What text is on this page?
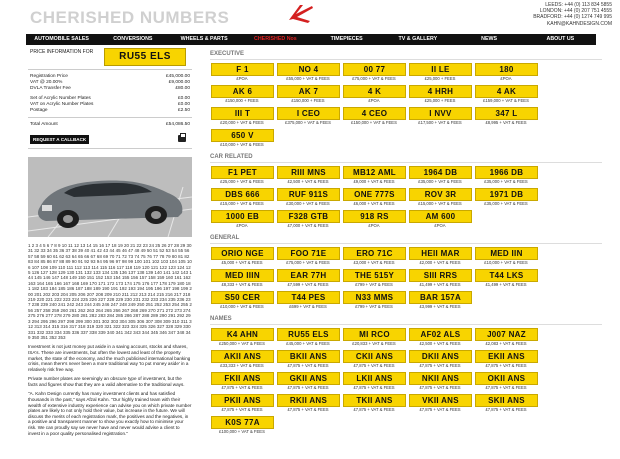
CHERISHED NUMBERS
LEEDS: +44 (0) 113 834 5855
LONDON: +44 (0) 207 751 4555
BRADFORD: +44 (0) 1274 749 995
KAHN@KAHNDESIGN.COM
AUTOMOBILE SALES	CONVERSIONS	WHEELS & PARTS	CHERISHED Nos	TIMEPIECES	TV & GALLERY	NEWS	ABOUT US
PRICE INFORMATION FOR	RU55 ELS
Registration Price	£45,000.00
VAT @ 20.00%	£9,000.00
DVLA Transfer Fee	£80.00
Set of Acrylic Number Plates	£0.00
VAT on Acrylic Number Plates	£0.00
Postage	£2.50
Total Amount	£54,086.50
REQUEST A CALLBACK
1 2 3 4 5 6 7 8 9 10 11 12 13 14 15 16 17 18 19 20 21 22 23 24 25 26 27 28 29 30 31 32 33 34 35 36 37 38 39 40 41 42 43 44 45 46 47 48 49 50 51 52 53 54 55 56 57 58 59 60 61 62 63 64 65 66 67 68 69 70 71 72 73 74 75 76 77 78 79 80 81 82 83 84 85 86 87 88 89 90 91 92 93 94 95 96 97 98 99 100 101 102 103 104 105 106 107 108 109 110 111 112 113 114 115 116 117 118 119 120 121 122 123 124 125 126 127 128 129 130 131 132 133 134 135 136 137 138 139 140 141 142 143 144 145 146 147 148 149 150 151 152 153 154 155 156 157 158 159 160 161 162 163 164 165 166 167 168 169 170 171 172 173 174 175 176 177 178 179 180 181 182 183 184 185 186 187 188 189 190 191 192 193 194 195 196 197 198 199 200 201 202 203 204 205 206 207 208 209 210 211 212 213 214 215 216 217 218 219 220 221 222 223 224 225 226 227 228 229 230 231 232 233 234 235 236 237 238 239 240 241 242 243 244 245 246 247 248 249 250 251 252 253 254 255 256 257 258 259 260 261 262 263 264 265 266 267 268 269 270 271 272 273 274 275 276 277 278 279 280 281 282 283 284 285 286 287 288 289 290 291 292 293 294 295 296 297 298 299 300 301 302 303 304 305 306 307 308 309 310 311 312 313 314 315 316 317 318 319 320 321 322 323 324 325 326 327 328 329 330 331 332 333 334 335 336 337 338 339 340 341 342 343 344 345 346 347 348 349 350 351 352 353
Investment is not just money put aside in a saving account, stocks and shares, ISA's. These are investments, but often the lowest and least of the property market, the state of the economy, and the much publicised international banking crisis, mean there's never been a more traditional way 'to put money aside' in a relatively risk free way.
Private number plates are seemingly an obscure type of investment, but the facts and figures show that they are a valid alternative to the traditional ways.
"A. Kahn Design currently has many investment clients and has satisfied thousands in the past," says Afzal Kahn. "Our highly trained team with their wealth of extensive industry experience can advise you on which private number plates are likely to not only hold their value, but increase in the future. We will discuss the merits of each registration mark, the positives and the negatives, in a positive and transparent manner to show you exactly how to minimise your risk. We can proudly say we never have and never would advise a client to invest in a poor quality personalised registration."
EXECUTIVE
F 1
£POA
NO 4
£55,000 + VAT & FEES
00 77
£75,000 + VAT & FEES
II LE
£25,000 + FEES
180
£POA
AK 6
£150,000 + FEES
AK 7
£150,000 + FEES
4 K
£POA
4 HRH
£25,000 + FEES
4 AK
£159,000 + VAT & FEES
III T
£20,000 + VAT & FEES
I CEO
£375,000 + VAT & FEES
4 CEO
£150,000 + VAT & FEES
I NVV
£17,500 + VAT & FEES
347 L
£8,995 + VAT & FEES
650 V
£10,000 + VAT & FEES
CAR RELATED
F1 PET
£25,000 + VAT & FEES
RIII MNS
£2,500 + VAT & FEES
MB12 AML
£9,000 + VAT & FEES
1964 DB
£35,000 + VAT & FEES
1966 DB
£35,000 + VAT & FEES
DBS 666
£15,000 + VAT & FEES
RUF 911S
£30,000 + VAT & FEES
ONE 777S
£6,000 + VAT & FEES
ROV 3R
£15,000 + VAT & FEES
1971 DB
£35,000 + VAT & FEES
1000 EB
£POA
F328 GTB
£7,000 + VAT & FEES
918 RS
£POA
AM 600
£POA
GENERAL
ORIO NGE
£5,000 + VAT & FEES
FOO 71E
£75,000 + VAT & FEES
ERO 71C
£3,000 + VAT & FEES
HEII MAR
£2,000 + VAT & FEES
MED IIN
£10,000 + VAT & FEES
MED IIIN
£8,333 + VAT & FEES
EAR 77H
£7,599 + VAT & FEES
THE 515Y
£799 + VAT & FEES
SIII RRS
£1,499 + VAT & FEES
T44 LKS
£1,499 + VAT & FEES
S50 CER
£10,000 + VAT & FEES
T44 PES
£699 + VAT & FEES
N33 MMS
£799 + VAT & FEES
BAR 157A
£3,999 + VAT & FEES
NAMES
K4 AHN
£250,000 + VAT & FEES
RU55 ELS
£45,000 + VAT & FEES
MI RCO
£20,833 + VAT & FEES
AF02 ALS
£2,500 + VAT & FEES
J007 NAZ
£2,083 + VAT & FEES
AKII ANS
£33,333 + VAT & FEES
BKII ANS
£7,875 + VAT & FEES
CKII ANS
£7,875 + VAT & FEES
DKII ANS
£7,875 + VAT & FEES
EKII ANS
£7,875 + VAT & FEES
FKII ANS
£7,875 + VAT & FEES
GKII ANS
£7,875 + VAT & FEES
LKII ANS
£7,875 + VAT & FEES
NKII ANS
£7,875 + VAT & FEES
OKII ANS
£7,875 + VAT & FEES
PKII ANS
£7,875 + VAT & FEES
RKII ANS
£7,875 + VAT & FEES
TKII ANS
£7,875 + VAT & FEES
VKII ANS
£7,875 + VAT & FEES
SKII ANS
£7,875 + VAT & FEES
K0S 77A
£100,000 + VAT & FEES
